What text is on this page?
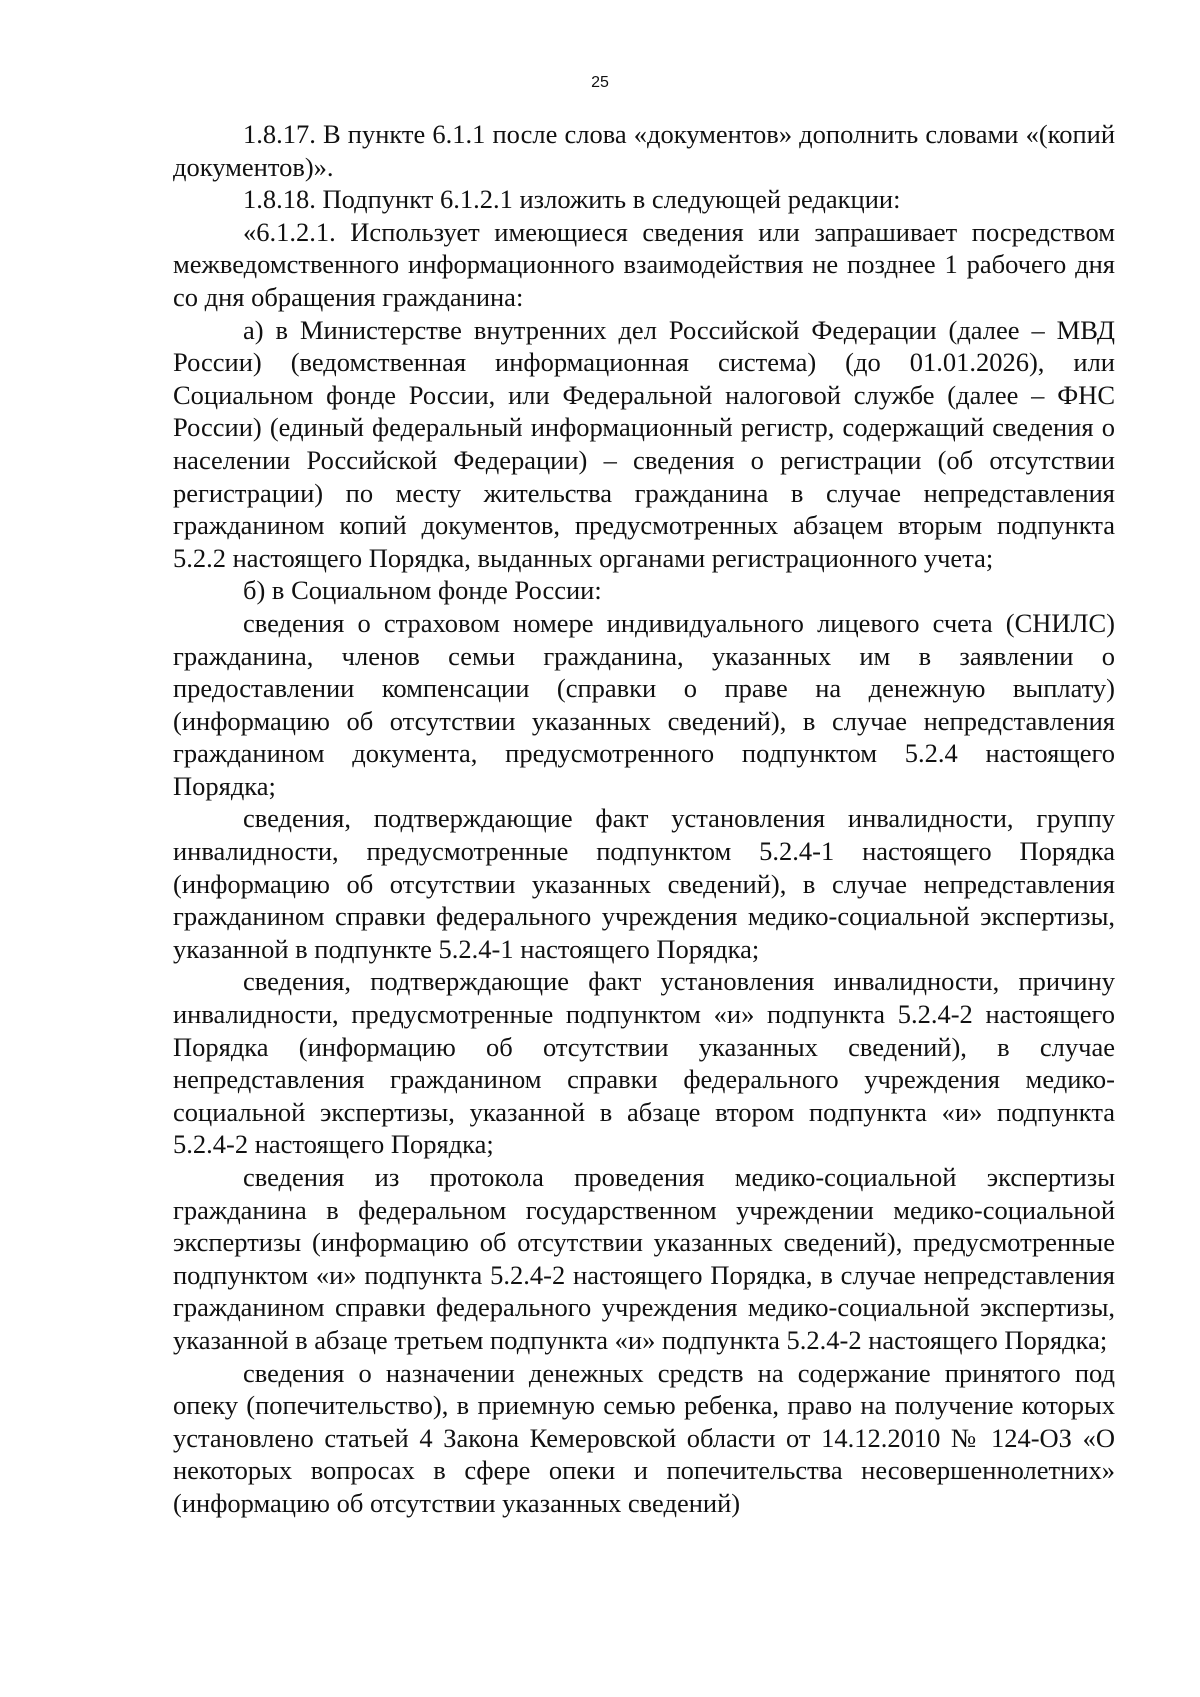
25

1.8.17. В пункте 6.1.1 после слова «документов» дополнить словами «(копий документов)».

1.8.18. Подпункт 6.1.2.1 изложить в следующей редакции:

«6.1.2.1. Использует имеющиеся сведения или запрашивает посредством межведомственного информационного взаимодействия не позднее 1 рабочего дня со дня обращения гражданина:

а) в Министерстве внутренних дел Российской Федерации (далее – МВД России) (ведомственная информационная система) (до 01.01.2026), или Социальном фонде России, или Федеральной налоговой службе (далее – ФНС России) (единый федеральный информационный регистр, содержащий сведения о населении Российской Федерации) – сведения о регистрации (об отсутствии регистрации) по месту жительства гражданина в случае непредставления гражданином копий документов, предусмотренных абзацем вторым подпункта 5.2.2 настоящего Порядка, выданных органами регистрационного учета;

б) в Социальном фонде России:

сведения о страховом номере индивидуального лицевого счета (СНИЛС) гражданина, членов семьи гражданина, указанных им в заявлении о предоставлении компенсации (справки о праве на денежную выплату) (информацию об отсутствии указанных сведений), в случае непредставления гражданином документа, предусмотренного подпунктом 5.2.4 настоящего Порядка;

сведения, подтверждающие факт установления инвалидности, группу инвалидности, предусмотренные подпунктом 5.2.4-1 настоящего Порядка (информацию об отсутствии указанных сведений), в случае непредставления гражданином справки федерального учреждения медико-социальной экспертизы, указанной в подпункте 5.2.4-1 настоящего Порядка;

сведения, подтверждающие факт установления инвалидности, причину инвалидности, предусмотренные подпунктом «и» подпункта 5.2.4-2 настоящего Порядка (информацию об отсутствии указанных сведений), в случае непредставления гражданином справки федерального учреждения медико-социальной экспертизы, указанной в абзаце втором подпункта «и» подпункта 5.2.4-2 настоящего Порядка;

сведения из протокола проведения медико-социальной экспертизы гражданина в федеральном государственном учреждении медико-социальной экспертизы (информацию об отсутствии указанных сведений), предусмотренные подпунктом «и» подпункта 5.2.4-2 настоящего Порядка, в случае непредставления гражданином справки федерального учреждения медико-социальной экспертизы, указанной в абзаце третьем подпункта «и» подпункта 5.2.4-2 настоящего Порядка;

сведения о назначении денежных средств на содержание принятого под опеку (попечительство), в приемную семью ребенка, право на получение которых установлено статьей 4 Закона Кемеровской области от 14.12.2010 № 124-ОЗ «О некоторых вопросах в сфере опеки и попечительства несовершеннолетних» (информацию об отсутствии указанных сведений)
